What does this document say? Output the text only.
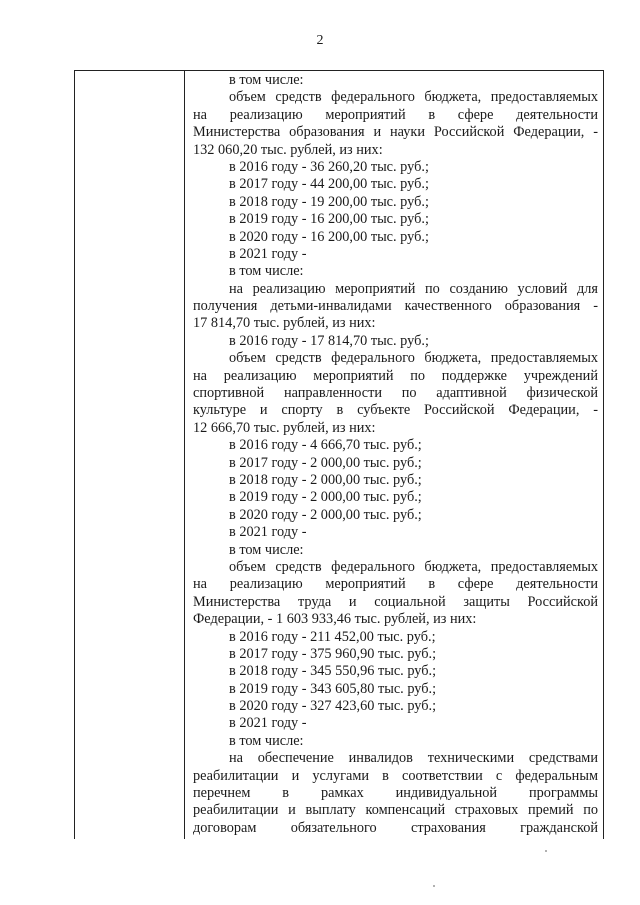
2
в том числе:
объем средств федерального бюджета, предоставляемых
на реализацию мероприятий в сфере деятельности
Министерства образования и науки Российской Федерации, -
132 060,20 тыс. рублей, из них:
в 2016 году - 36 260,20 тыс. руб.;
в 2017 году - 44 200,00 тыс. руб.;
в 2018 году - 19 200,00 тыс. руб.;
в 2019 году - 16 200,00 тыс. руб.;
в 2020 году - 16 200,00 тыс. руб.;
в 2021 году -
в том числе:
на реализацию мероприятий по созданию условий для
получения детьми-инвалидами качественного образования -
17 814,70 тыс. рублей, из них:
в 2016 году - 17 814,70 тыс. руб.;
объем средств федерального бюджета, предоставляемых
на реализацию мероприятий по поддержке учреждений
спортивной направленности по адаптивной физической
культуре и спорту в субъекте Российской Федерации, -
12 666,70 тыс. рублей, из них:
в 2016 году - 4 666,70 тыс. руб.;
в 2017 году - 2 000,00 тыс. руб.;
в 2018 году - 2 000,00 тыс. руб.;
в 2019 году - 2 000,00 тыс. руб.;
в 2020 году - 2 000,00 тыс. руб.;
в 2021 году -
в том числе:
объем средств федерального бюджета, предоставляемых
на реализацию мероприятий в сфере деятельности
Министерства труда и социальной защиты Российской
Федерации, - 1 603 933,46 тыс. рублей, из них:
в 2016 году - 211 452,00 тыс. руб.;
в 2017 году - 375 960,90 тыс. руб.;
в 2018 году - 345 550,96 тыс. руб.;
в 2019 году - 343 605,80 тыс. руб.;
в 2020 году - 327 423,60 тыс. руб.;
в 2021 году -
в том числе:
на обеспечение инвалидов техническими средствами
реабилитации и услугами в соответствии с федеральным
перечнем в рамках индивидуальной программы
реабилитации и выплату компенсаций страховых премий по
договорам обязательного страхования гражданской
